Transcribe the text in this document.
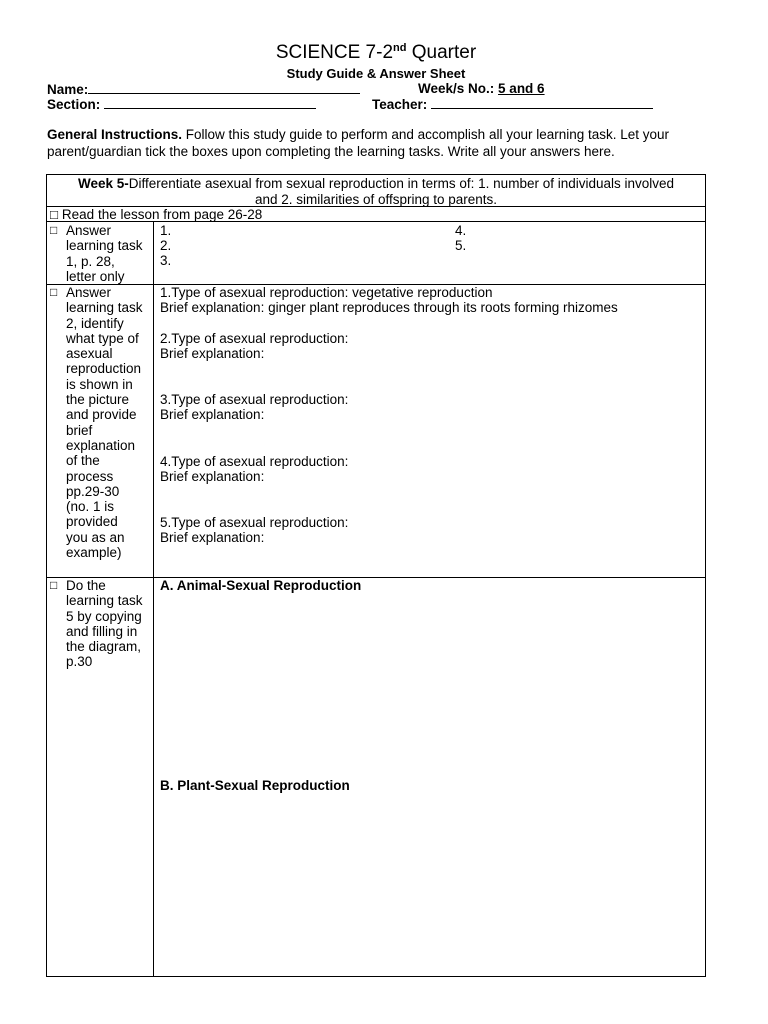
SCIENCE 7-2nd Quarter
Study Guide & Answer Sheet
Name:	Week/s No.: 5 and 6
Section:	Teacher:
General Instructions. Follow this study guide to perform and accomplish all your learning task. Let your parent/guardian tick the boxes upon completing the learning tasks. Write all your answers here.
Week 5-Differentiate asexual from sexual reproduction in terms of: 1. number of individuals involved
and 2. similarities of offspring to parents.
□ Read the lesson from page 26-28
□ Answer
learning task
1, p. 28,
letter only
1.
2.
3.
4.
5.
□ Answer
learning task
2, identify
what type of
asexual
reproduction
is shown in
the picture
and provide
brief
explanation
of the
process
pp.29-30
(no. 1 is
provided
you as an
example)
1.Type of asexual reproduction: vegetative reproduction
Brief explanation: ginger plant reproduces through its roots forming rhizomes
2.Type of asexual reproduction:
Brief explanation:
3.Type of asexual reproduction:
Brief explanation:
4.Type of asexual reproduction:
Brief explanation:
5.Type of asexual reproduction:
Brief explanation:
□ Do the
learning task
5 by copying
and filling in
the diagram,
p.30
A. Animal-Sexual Reproduction
B. Plant-Sexual Reproduction
